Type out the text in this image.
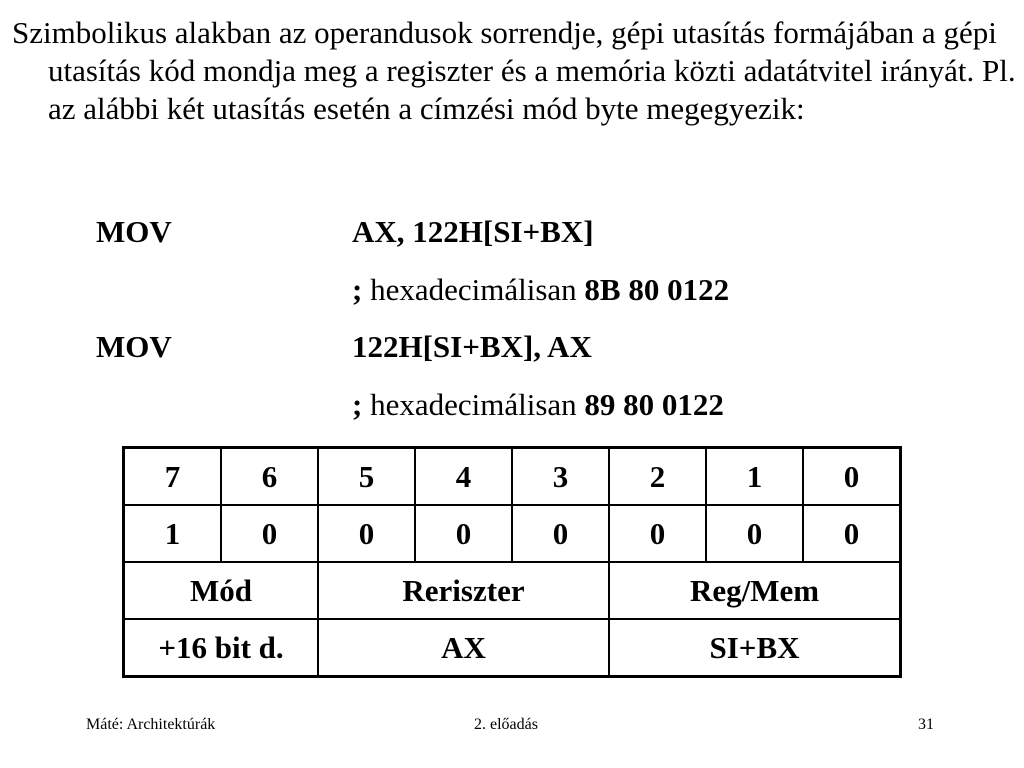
Szimbolikus alakban az operandusok sorrendje, gépi utasítás formájában a gépi utasítás kód mondja meg a regiszter és a memória közti adatátvitel irányát. Pl. az alábbi két utasítás esetén a címzési mód byte megegyezik:
MOV	AX, 122H[SI+BX]
; hexadecimálisan 8B 80 0122
MOV	122H[SI+BX], AX
; hexadecimálisan 89 80 0122
7	6	5	4	3	2	1	0
1	0	0	0	0	0	0	0
Mód		Reriszter			Reg/Mem		
+16 bit d.		AX			SI+BX		
Máté: Architektúrák	2. előadás	31
